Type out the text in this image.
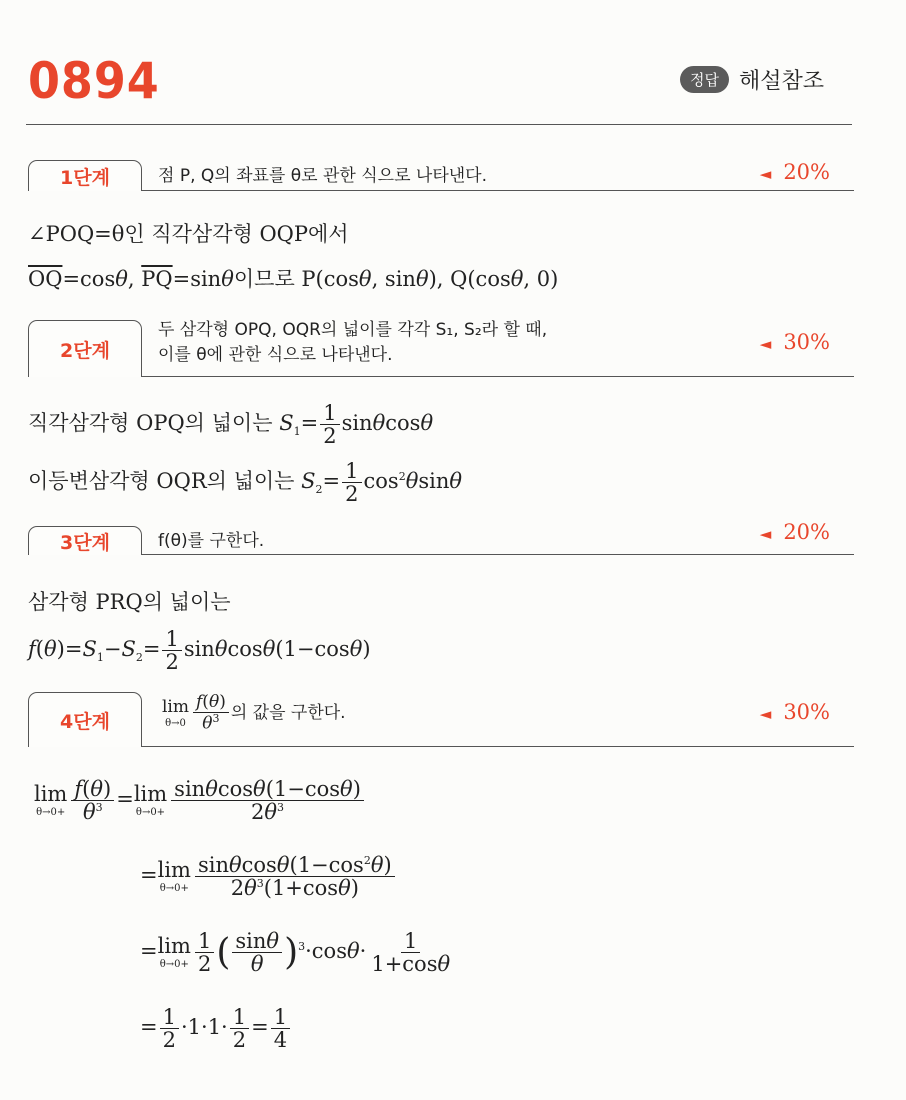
0894	정답 해설참조
1단계	점 P, Q의 좌표를 θ로 관한 식으로 나타낸다.	◄ 20%
∠POQ=θ인 직각삼각형 OQP에서
$\overline{OQ}=\cos\theta$, $\overline{PQ}=\sin\theta$이므로 P(cosθ, sinθ), Q(cosθ, 0)
2단계
두 삼각형 OPQ, OQR의 넓이를 각각 S₁, S₂라 할 때,
이를 θ에 관한 식으로 나타낸다.
◄ 30%
직각삼각형 OPQ의 넓이는 $S_1= \frac{1}{2}$ sinθcosθ
이등변삼각형 OQR의 넓이는 $S_2= \frac{1}{2} \cos^2\theta\sin\theta$
3단계	f(θ)를 구한다.	◄ 20%
삼각형 PRQ의 넓이는
$f(\theta)=S_1-S_2= \frac{1}{2} \sin\theta\cos\theta(1-\cos\theta)$
4단계
lim
$\theta\to 0 \frac{f(\theta)}{\theta^3}$ 의 값을 구한다.	◄ 30%
lim
$\theta\to 0+ \frac{f(\theta)}{\theta^3} =\lim$
$\theta\to 0+ \frac{\sin\theta\cos\theta(1-\cos\theta)}{2\theta^3}$
=lim
$\theta\to 0+ \frac{\sin\theta\cos\theta(1-\cos^2\theta)}{2\theta^3(1+\cos\theta)}$
=lim
$\theta\to 0+ \frac{1}{2}$ ( $\frac{\sin\theta}{\theta} )^3\cdot\cos\theta\cdot \frac{1}{1+\cos\theta}$
= $\frac{1}{2} \cdot 1\cdot 1\cdot \frac{1}{2} = \frac{1}{4}$
